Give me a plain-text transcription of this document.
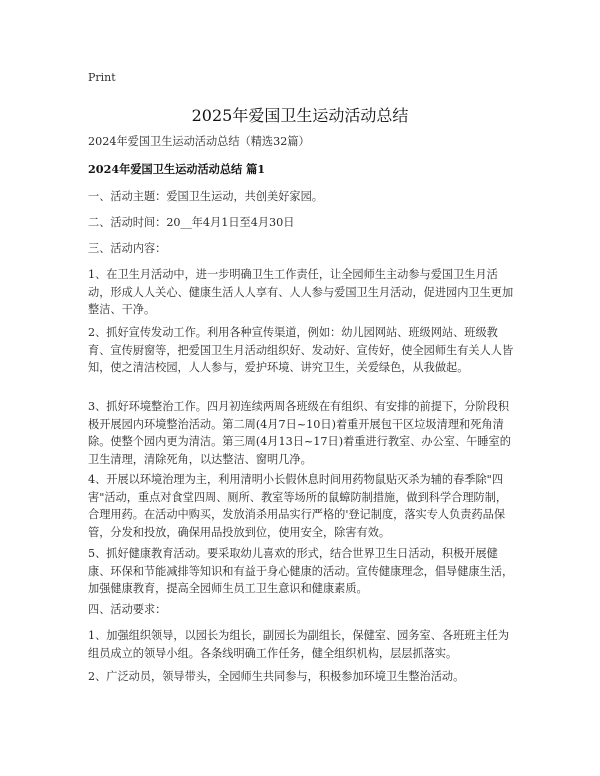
Print
2025年爱国卫生运动活动总结
2024年爱国卫生运动活动总结（精选32篇）
2024年爱国卫生运动活动总结 篇1
一、活动主题：爱国卫生运动，共创美好家园。
二、活动时间：20__年4月1日至4月30日
三、活动内容：
1、在卫生月活动中，进一步明确卫生工作责任，让全园师生主动参与爱国卫生月活动，形成人人关心、健康生活人人享有、人人参与爱国卫生月活动，促进园内卫生更加整洁、干净。
2、抓好宣传发动工作。利用各种宣传渠道，例如：幼儿园网站、班级网站、班级教育、宣传厨窗等，把爱国卫生月活动组织好、发动好、宣传好，使全园师生有关人人皆知，使之清洁校园，人人参与，爱护环境、讲究卫生，关爱绿色，从我做起。
3、抓好环境整治工作。四月初连续两周各班级在有组织、有安排的前提下，分阶段积极开展园内环境整治活动。第二周(4月7日~10日)着重开展包干区垃圾清理和死角清除。使整个园内更为清洁。第三周(4月13日~17日)着重进行教室、办公室、午睡室的卫生清理，清除死角，以达整洁、窗明几净。
4、开展以环境治理为主，利用清明小长假休息时间用药物鼠贴灭杀为辅的春季除"四害"活动，重点对食堂四周、厕所、教室等场所的鼠蟑防制措施，做到科学合理防制，合理用药。在活动中购买，发放消杀用品实行严格的'登记制度，落实专人负责药品保管，分发和投放，确保用品投放到位，使用安全，除害有效。
5、抓好健康教育活动。要采取幼儿喜欢的形式，结合世界卫生日活动，积极开展健康、环保和节能减排等知识和有益于身心健康的活动。宣传健康理念，倡导健康生活，加强健康教育，提高全园师生员工卫生意识和健康素质。
四、活动要求：
1、加强组织领导，以园长为组长，副园长为副组长，保健室、园务室、各班班主任为组员成立的领导小组。各条线明确工作任务，健全组织机构，层层抓落实。
2、广泛动员，领导带头，全园师生共同参与，积极参加环境卫生整治活动。
